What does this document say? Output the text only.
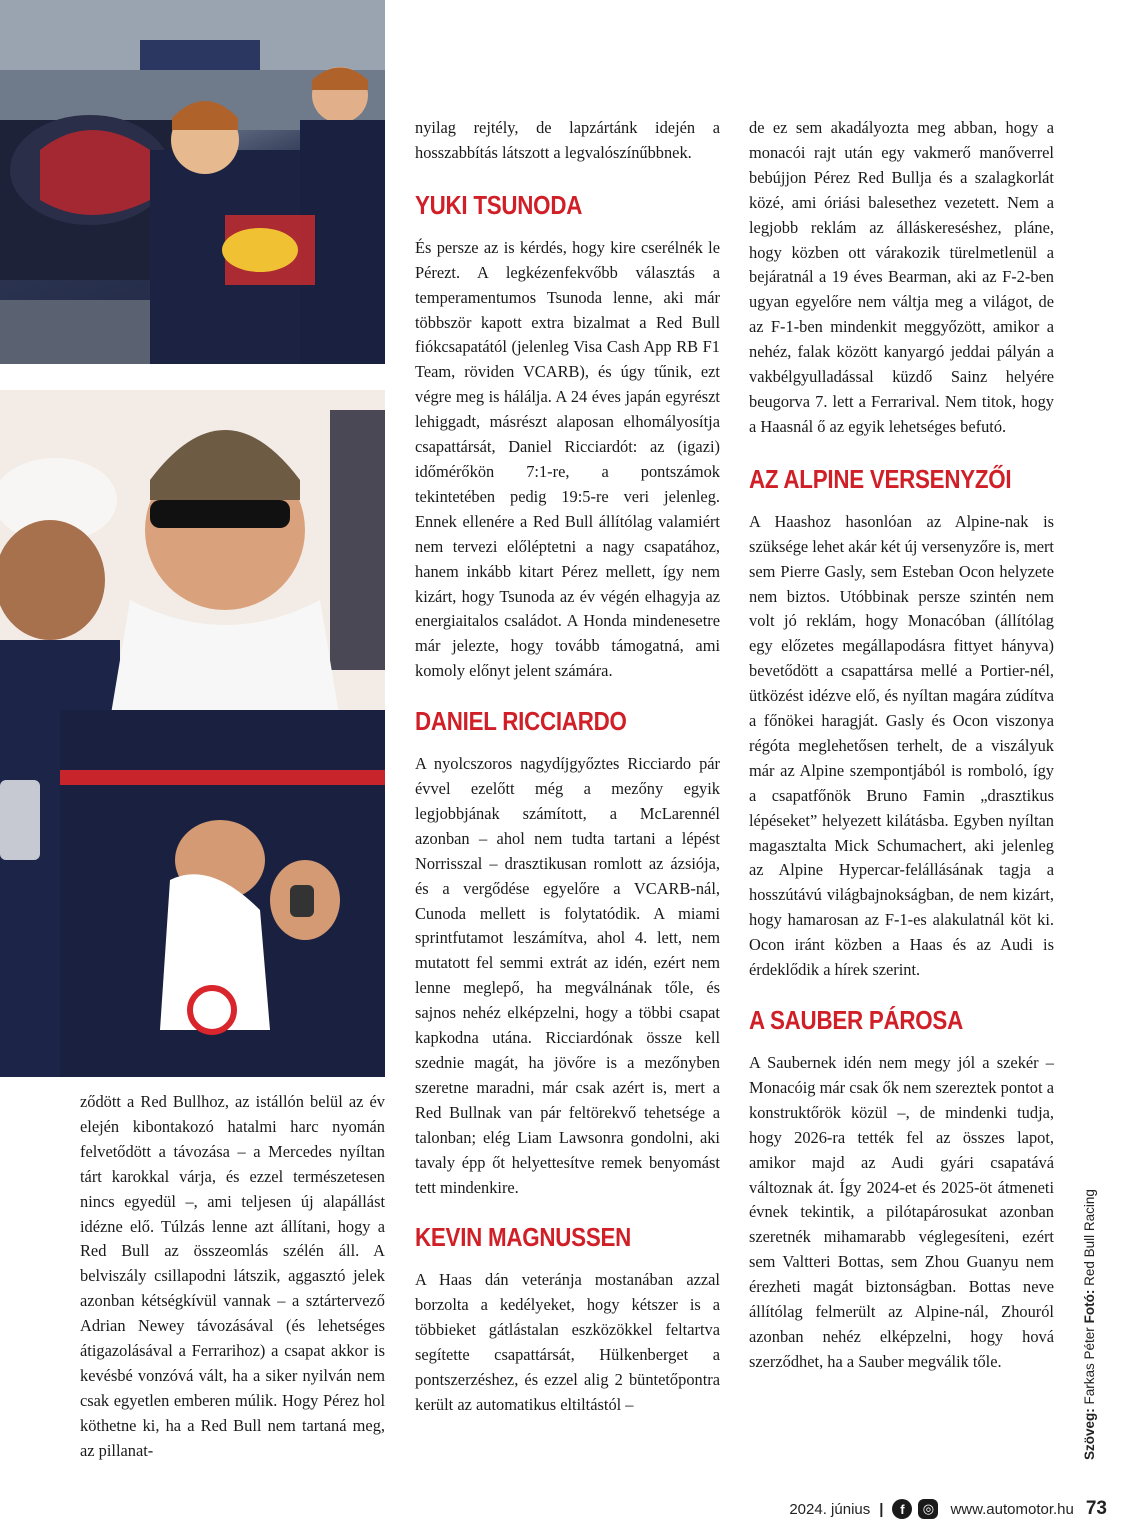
ződött a Red Bullhoz, az istállón belül az év elején kibontakozó hatalmi harc nyomán felvetődött a távozása – a Mercedes nyíltan tárt karokkal várja, és ezzel természetesen nincs egyedül –, ami teljesen új alapállást idézne elő. Túlzás lenne azt állítani, hogy a Red Bull az összeomlás szélén áll. A belviszály csillapodni látszik, aggasztó jelek azonban kétségkívül vannak – a sztártervező Adrian Newey távozásával (és lehetséges átigazolásával a Ferrarihoz) a csapat akkor is kevésbé vonzóvá vált, ha a siker nyilván nem csak egyetlen emberen múlik. Hogy Pérez hol köthetne ki, ha a Red Bull nem tartaná meg, az pillanat-

nyilag rejtély, de lapzártánk idején a hosszabbítás látszott a legvalószínűbbnek.

YUKI TSUNODA

És persze az is kérdés, hogy kire cserélnék le Pérezt. A legkézenfekvőbb választás a temperamentumos Tsunoda lenne, aki már többször kapott extra bizalmat a Red Bull fiókcsapatától (jelenleg Visa Cash App RB F1 Team, röviden VCARB), és úgy tűnik, ezt végre meg is hálálja. A 24 éves japán egyrészt lehiggadt, másrészt alaposan elhomályosítja csapattársát, Daniel Ricciardót: az (igazi) időmérőkön 7:1-re, a pontszámok tekintetében pedig 19:5-re veri jelenleg. Ennek ellenére a Red Bull állítólag valamiért nem tervezi előléptetni a nagy csapatához, hanem inkább kitart Pérez mellett, így nem kizárt, hogy Tsunoda az év végén elhagyja az energiaitalos családot. A Honda mindenesetre már jelezte, hogy tovább támogatná, ami komoly előnyt jelent számára.

DANIEL RICCIARDO

A nyolcszoros nagydíjgyőztes Ricciardo pár évvel ezelőtt még a mezőny egyik legjobbjának számított, a McLarennél azonban – ahol nem tudta tartani a lépést Norrisszal – drasztikusan romlott az ázsiója, és a vergődése egyelőre a VCARB-nál, Cunoda mellett is folytatódik. A miami sprintfutamot leszámítva, ahol 4. lett, nem mutatott fel semmi extrát az idén, ezért nem lenne meglepő, ha megválnának tőle, és sajnos nehéz elképzelni, hogy a többi csapat kapkodna utána. Ricciardónak össze kell szednie magát, ha jövőre is a mezőnyben szeretne maradni, már csak azért is, mert a Red Bullnak van pár feltörekvő tehetsége a talonban; elég Liam Lawsonra gondolni, aki tavaly épp őt helyettesítve remek benyomást tett mindenkire.

KEVIN MAGNUSSEN

A Haas dán veteránja mostanában azzal borzolta a kedélyeket, hogy kétszer is a többieket gátlástalan eszközökkel feltartva segítette csapattársát, Hülkenberget a pontszerzéshez, és ezzel alig 2 büntetőpontra került az automatikus eltiltástól –

de ez sem akadályozta meg abban, hogy a monacói rajt után egy vakmerő manőverrel bebújjon Pérez Red Bullja és a szalagkorlát közé, ami óriási balesethez vezetett. Nem a legjobb reklám az álláskereséshez, pláne, hogy közben ott várakozik türelmetlenül a bejáratnál a 19 éves Bearman, aki az F-2-ben ugyan egyelőre nem váltja meg a világot, de az F-1-ben mindenkit meggyőzött, amikor a nehéz, falak között kanyargó jeddai pályán a vakbélgyulladással küzdő Sainz helyére beugorva 7. lett a Ferrarival. Nem titok, hogy a Haasnál ő az egyik lehetséges befutó.

AZ ALPINE VERSENYZŐI

A Haashoz hasonlóan az Alpine-nak is szüksége lehet akár két új versenyzőre is, mert sem Pierre Gasly, sem Esteban Ocon helyzete nem biztos. Utóbbinak persze szintén nem volt jó reklám, hogy Monacóban (állítólag egy előzetes megállapodásra fittyet hányva) bevetődött a csapattársa mellé a Portier-nél, ütközést idézve elő, és nyíltan magára zúdítva a főnökei haragját. Gasly és Ocon viszonya régóta meglehetősen terhelt, de a viszályuk már az Alpine szempontjából is romboló, így a csapatfőnök Bruno Famin „drasztikus lépéseket” helyezett kilátásba. Egyben nyíltan magasztalta Mick Schumachert, aki jelenleg az Alpine Hypercar-felállásának tagja a hosszútávú világbajnokságban, de nem kizárt, hogy hamarosan az F-1-es alakulatnál köt ki. Ocon iránt közben a Haas és az Audi is érdeklődik a hírek szerint.

A SAUBER PÁROSA

A Saubernek idén nem megy jól a szekér – Monacóig már csak ők nem szereztek pontot a konstruktőrök közül –, de mindenki tudja, hogy 2026-ra tették fel az összes lapot, amikor majd az Audi gyári csapatává változnak át. Így 2024-et és 2025-öt átmeneti évnek tekintik, a pilótapárosukat azonban szeretnék mihamarabb véglegesíteni, ezért sem Valtteri Bottas, sem Zhou Guanyu nem érezheti magát biztonságban. Bottas neve állítólag felmerült az Alpine-nál, Zhouról azonban nehéz elképzelni, hogy hová szerződhet, ha a Sauber megválik tőle.

Szöveg: Farkas Péter Fotó: Red Bull Racing
2024. június |	f	◎ www.automotor.hu 73
